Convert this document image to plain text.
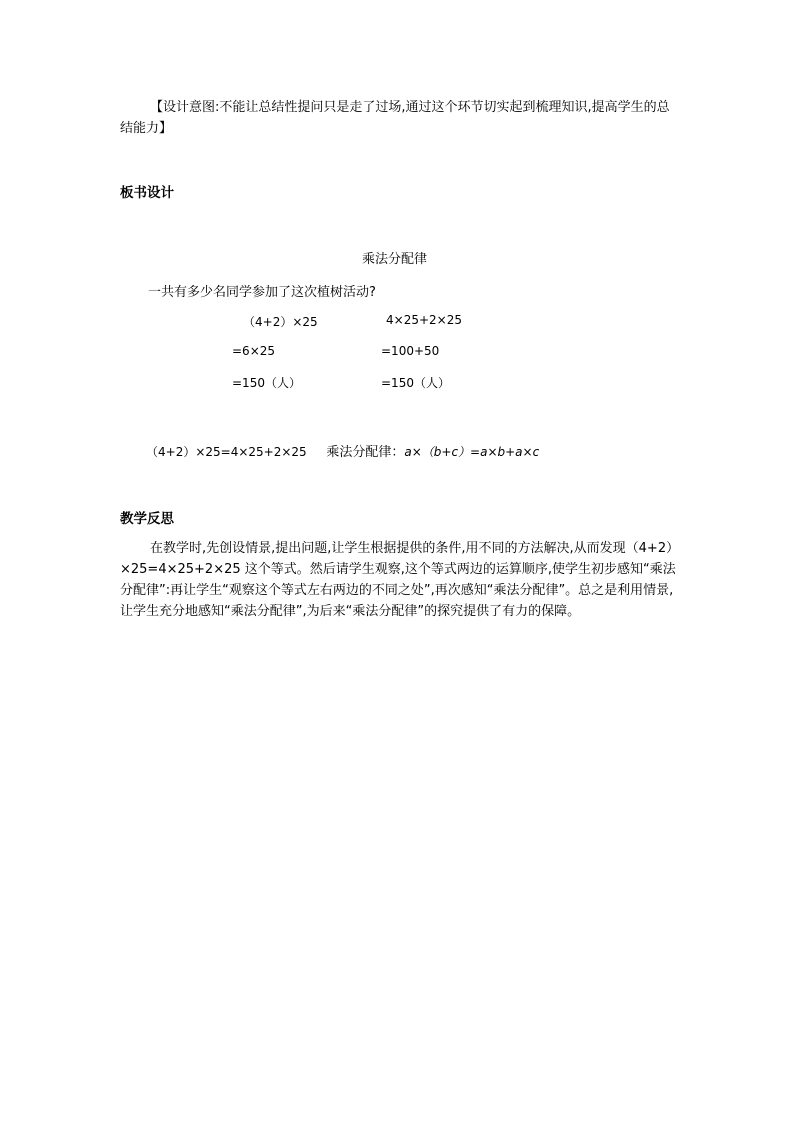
【设计意图:不能让总结性提问只是走了过场,通过这个环节切实起到梳理知识,提高学生的总结能力】
板书设计
乘法分配律
一共有多少名同学参加了这次植树活动?
（4+2）×25
=6×25
=150（人）
4×25+2×25
=100+50
=150（人）
（4+2）×25=4×25+2×25 乘法分配律：a×（b+c）=a×b+a×c
教学反思
在教学时,先创设情景,提出问题,让学生根据提供的条件,用不同的方法解决,从而发现（4+2）×25=4×25+2×25 这个等式。然后请学生观察,这个等式两边的运算顺序,使学生初步感知“乘法分配律”:再让学生“观察这个等式左右两边的不同之处”,再次感知“乘法分配律”。总之是利用情景,让学生充分地感知“乘法分配律”,为后来“乘法分配律”的探究提供了有力的保障。
